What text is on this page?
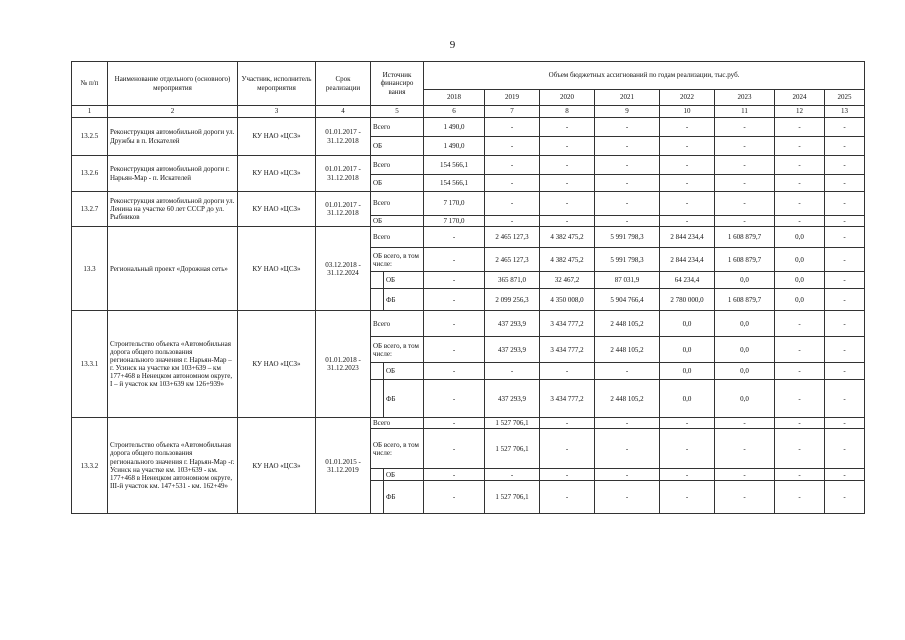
9
№ п/п	Наименование отдельного (основного) мероприятия	Участник, исполнитель мероприятия	Срок реализации	Источник финансиро вания		Объем бюджетных ассигнований по годам реализации, тыс.руб.							
						2018	2019	2020	2021	2022	2023	2024	2025
1	2	3	4	5		6	7	8	9	10	11	12	13
13.2.5	Реконструкция автомобильной дороги ул. Дружбы в п. Искателей	КУ НАО «ЦСЗ»	01.01.2017 - 31.12.2018	Всего		1 490,0	-	-	-	-	-	-	-
				ОБ		1 490,0	-	-	-	-	-	-	-
13.2.6	Реконструкция автомобильной дороги г. Нарьян-Мар - п. Искателей	КУ НАО «ЦСЗ»	01.01.2017 - 31.12.2018	Всего		154 566,1	-	-	-	-	-	-	-
				ОБ		154 566,1	-	-	-	-	-	-	-
13.2.7	Реконструкция автомобильной дороги ул. Ленина на участке 60 лет СССР до ул. Рыбников	КУ НАО «ЦСЗ»	01.01.2017 - 31.12.2018	Всего		7 170,0	-	-	-	-	-	-	-
				ОБ		7 170,0	-	-	-	-	-	-	-
13.3	Региональный проект «Дорожная сеть»	КУ НАО «ЦСЗ»	03.12.2018 - 31.12.2024	Всего		-	2 465 127,3	4 382 475,2	5 991 798,3	2 844 234,4	1 608 879,7	0,0	-
				ОБ всего, в том числе:		-	2 465 127,3	4 382 475,2	5 991 798,3	2 844 234,4	1 608 879,7	0,0	-
					ОБ	-	365 871,0	32 467,2	87 031,9	64 234,4	0,0	0,0	-
					ФБ	-	2 099 256,3	4 350 008,0	5 904 766,4	2 780 000,0	1 608 879,7	0,0	-
13.3.1	Строительство объекта «Автомобильная дорога общего пользования регионального значения г. Нарьян-Мар – г. Усинск на участке км 103+639 – км 177+468 в Ненецком автономном округе, I – й участок км 103+639 км 126+939»	КУ НАО «ЦСЗ»	01.01.2018 - 31.12.2023	Всего		-	437 293,9	3 434 777,2	2 448 105,2	0,0	0,0	-	-
				ОБ всего, в том числе:		-	437 293,9	3 434 777,2	2 448 105,2	0,0	0,0	-	-
					ОБ	-	-	-	-	0,0	0,0	-	-
					ФБ	-	437 293,9	3 434 777,2	2 448 105,2	0,0	0,0	-	-
13.3.2	Строительство объекта «Автомобильная дорога общего пользования регионального значения г. Нарьян-Мар -г. Усинск на участке км. 103+639 - км. 177+468 в Ненецком автономном округе, III-й участок км. 147+531 - км. 162+49»	КУ НАО «ЦСЗ»	01.01.2015 - 31.12.2019	Всего		-	1 527 706,1	-	-	-	-	-	-
				ОБ всего, в том числе:		-	1 527 706,1	-	-	-	-	-	-
					ОБ	-	-	-	-	-	-	-	-
					ФБ	-	1 527 706,1	-	-	-	-	-	-
